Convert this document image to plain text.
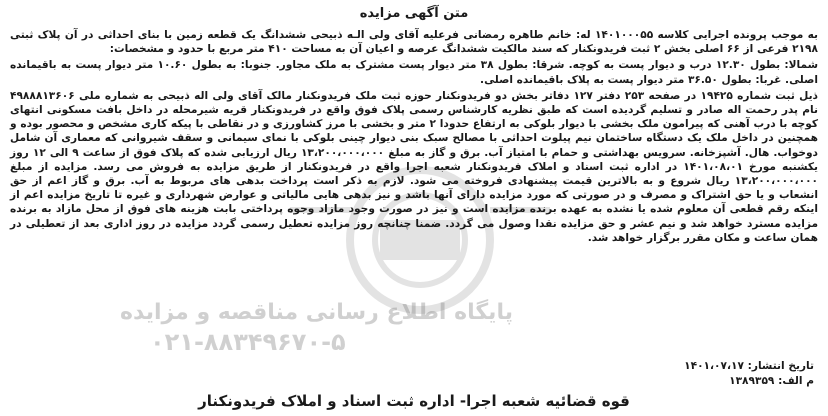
پایگاه اطلاع رسانی مناقصه و مزایده
۰۲۱-۸۸۳۴۹۶۷۰-۵
متن آگهی مزایده

به موجب پرونده اجرایی کلاسه ۱۴۰۱۰۰۰۵۵ له: خانم طاهره رمضانی فرعلیه آقای ولی الـه ذبیحی ششدانگ یک قطعه زمین با بنای احداثی در آن پلاک ثبتی ۲۱۹۸ فرعی از ۶۶ اصلی بخش ۲ ثبت فریدونکنار که سند مالکیت ششدانگ عرصه و اعیان آن به مساحت ۴۱۰ متر مربع با حدود و مشخصات:

شمالا: بطول ۱۲.۳۰ درب و دیوار پست به کوچه. شرقا: بطول ۳۸ متر دیوار پست مشترک به ملک مجاور. جنوبا: به بطول ۱۰.۶۰ متر دیوار پست به باقیمانده اصلی. غربا: بطول ۳۶.۵۰ متر دیوار پست به پلاک باقیمانده اصلی.

ذیل ثبت شماره ۱۹۴۲۵ در صفحه ۲۵۳ دفتر ۱۲۷ دفاتر بخش دو فریدونکنار حوزه ثبت ملک فریدونکنار مالک آقای ولی اله ذبیحی به شماره ملی ۴۹۸۸۸۱۳۶۰۶ نام پدر رحمت اله صادر و تسلیم گردیده است که طبق نظریه کارشناس رسمی پلاک فوق واقع در فریدونکنار قریه شیرمحله در داخل بافت مسکونی انتهای کوچه با درب آهنی که پیرامون ملک بخشی با دیوار بلوکی به ارتفاع حدودا ۲ متر و بخشی با مرز کشاورزی و در نقاطی با پیکه کاری مشخص و محصور بوده و همچنین در داخل ملک یک دستگاه ساختمان نیم پیلوت احداثی با مصالح سبک بنی دیوار چینی بلوکی با نمای سیمانی و سقف شیروانی که معماری آن شامل دوخواب. هال. آشپزخانه. سرویس بهداشتی و حمام با امتیاز آب. برق و گاز به مبلغ ۱۳،۲۰۰،۰۰۰،۰۰۰ ریال ارزیابی شده که پلاک فوق از ساعت ۹ الی ۱۲ روز یکشنبه مورخ ۱۴۰۱،۰۸،۰۱ در اداره ثبت اسناد و املاک فریدونکنار شعبه اجرا واقع در فریدونکنار از طریق مزایده به فروش می رسد. مزایده از مبلغ ۱۳،۲۰۰،۰۰۰،۰۰۰ ریال شروع و به بالاترین قیمت پیشنهادی فروخته می شود. لازم به ذکر است پرداخت بدهی های مربوط به آب. برق و گاز اعم از حق انشعاب و یا حق اشتراک و مصرف و در صورتی که مورد مزایده دارای آنها باشد و نیز بدهی هایی مالیاتی و عوارض شهرداری و غیره تا تاریخ مزایده اعم از اینکه رقم قطعی آن معلوم شده یا نشده به عهده برنده مزایده است و نیز در صورت وجود مازاد وجوه پرداختی بابت هزینه های فوق از محل مازاد به برنده مزایده مسترد خواهد شد و نیم عشر و حق مزایده نقدا وصول می گردد. ضمنا چنانچه روز مزایده تعطیل رسمی گردد مزایده در روز اداری بعد از تعطیلی در همان ساعت و مکان مقرر برگزار خواهد شد.

تاریخ انتشار: ۱۴۰۱،۰۷،۱۷
م الف: ۱۳۸۹۳۵۹
قوه قضائیه شعبه اجرا- اداره ثبت اسناد و املاک فریدونکنار
